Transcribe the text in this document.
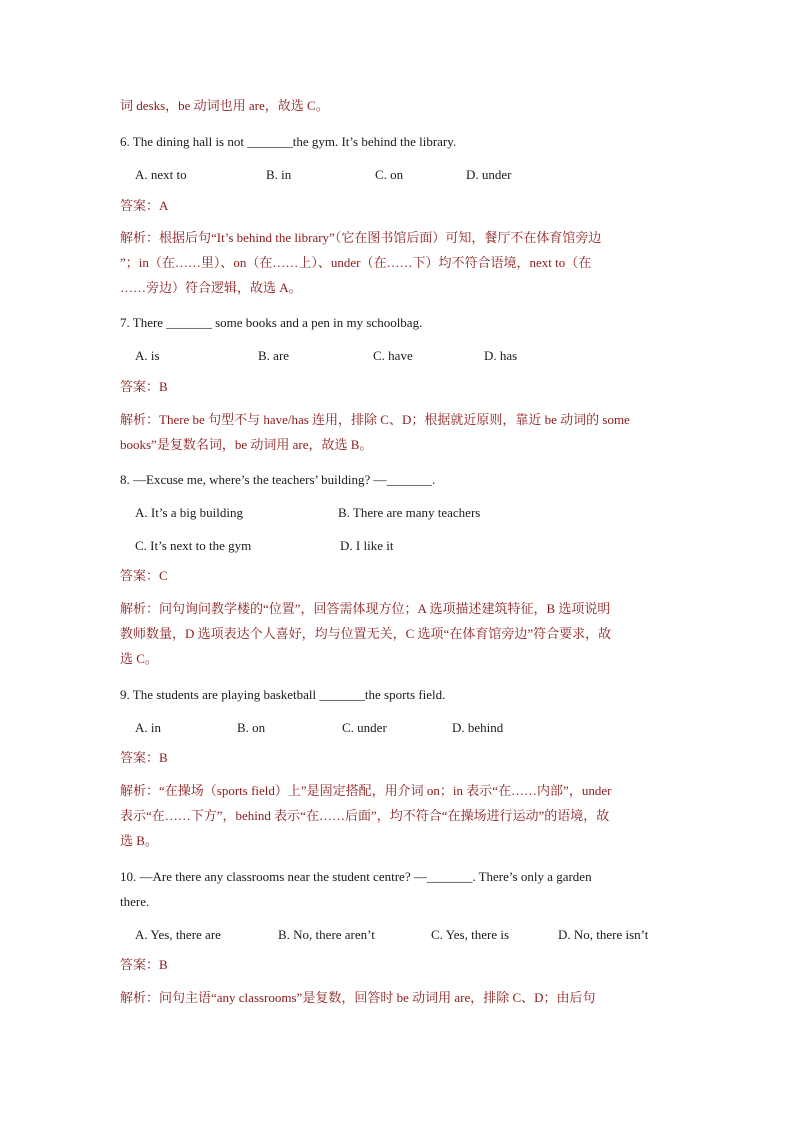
词 desks，be 动词也用 are，故选 C。
6. The dining hall is not _______the gym. It’s behind the library.
A. next to	B. in	C. on	D. under
答案：A
解析：根据后句“It’s behind the library”（它在图书馆后面）可知，餐厅不在体育馆旁边
”；in（在……里）、on（在……上）、under（在……下）均不符合语境，next to（在
……旁边）符合逻辑，故选 A。
7. There _______ some books and a pen in my schoolbag.
A. is	B. are	C. have	D. has
答案：B
解析：There be 句型不与 have/has 连用，排除 C、D；根据就近原则，靠近 be 动词的 some
books”是复数名词，be 动词用 are，故选 B。
8. —Excuse me, where’s the teachers’ building? —_______.
A. It’s a big building	B. There are many teachers
C. It’s next to the gym	D. I like it
答案：C
解析：问句询问教学楼的“位置”，回答需体现方位；A 选项描述建筑特征，B 选项说明
教师数量，D 选项表达个人喜好，均与位置无关，C 选项“在体育馆旁边”符合要求，故
选 C。
9. The students are playing basketball _______the sports field.
A. in	B. on	C. under	D. behind
答案：B
解析：“在操场（sports field）上”是固定搭配，用介词 on；in 表示“在……内部”，under
表示“在……下方”，behind 表示“在……后面”，均不符合“在操场进行运动”的语境，故
选 B。
10. —Are there any classrooms near the student centre? —_______. There’s only a garden
there.
A. Yes, there are	B. No, there aren’t	C. Yes, there is	D. No, there isn’t
答案：B
解析：问句主语“any classrooms”是复数，回答时 be 动词用 are，排除 C、D；由后句
